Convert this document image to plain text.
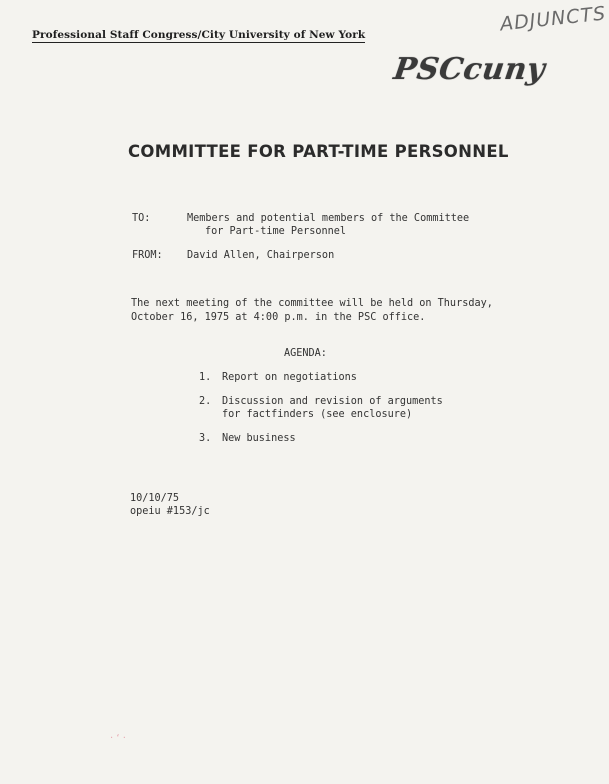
Professional Staff Congress/City University of New York	ADJUNCTS
PSCcuny
COMMITTEE FOR PART-TIME PERSONNEL
TO:	Members and potential members of the Committee
for Part-time Personnel
FROM: David Allen, Chairperson
The next meeting of the committee will be held on Thursday,
October 16, 1975 at 4:00 p.m. in the PSC office.
AGENDA:
1. Report on negotiations
2. Discussion and revision of arguments
for factfinders (see enclosure)
3. New business
10/10/75
opeiu #153/jc
· ‘ ·
